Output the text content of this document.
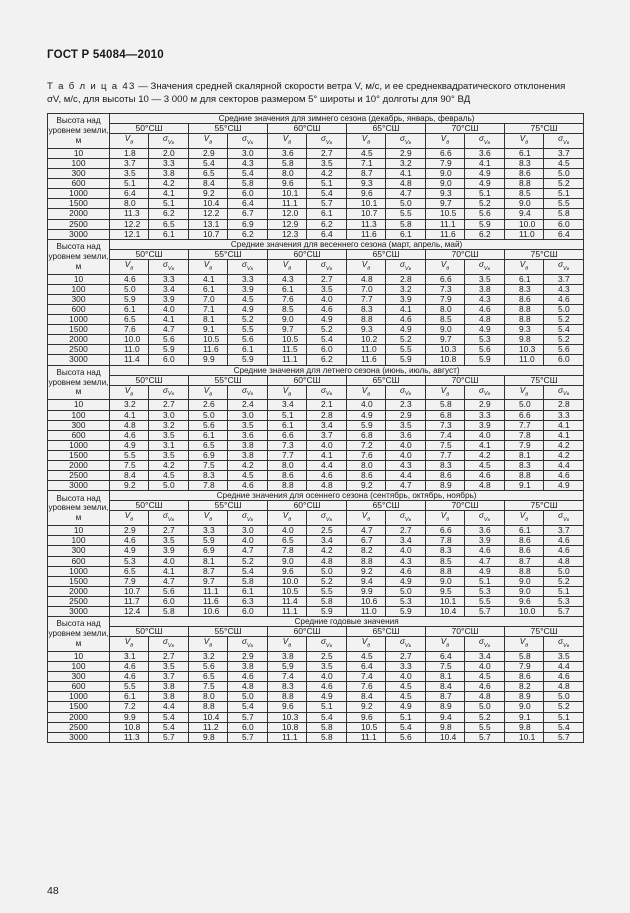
ГОСТ Р 54084—2010
Т а б л и ц а 43 — Значения средней скалярной скорости ветра V, м/с, и ее среднеквадратического отклонения σV, м/с, для высоты 10 — 3 000 м для секторов размером 5° широты и 10° долготы для 90° ВД
Высота над уровнем земли, м	Средние значения для зимнего сезона (декабрь, январь, февраль)											
	50°СШ		55°СШ		60°СШ		65°СШ		70°СШ		75°СШ	
	$V_в$	$\sigma_{Vв}$	$V_в$	$\sigma_{Vв}$	$V_в$	$\sigma_{Vв}$	$V_в$	$\sigma_{Vв}$	$V_в$	$\sigma_{Vв}$	$V_в$	$\sigma_{Vв}$
10	1.8	2.0	2.9	3.0	3.6	2.7	4.5	2.9	6.6	3.6	6.1	3.7
100	3.7	3.3	5.4	4.3	5.8	3.5	7.1	3.2	7.9	4.1	8.3	4.5
300	3.5	3.8	6.5	5.4	8.0	4.2	8.7	4.1	9.0	4.9	8.6	5.0
600	5.1	4.2	8.4	5.8	9.6	5.1	9.3	4.8	9.0	4.9	8.8	5.2
1000	6.4	4.1	9.2	6.0	10.1	5.4	9.6	4.7	9.3	5.1	8.5	5.1
1500	8.0	5.1	10.4	6.4	11.1	5.7	10.1	5.0	9.7	5.2	9.0	5.5
2000	11.3	6.2	12.2	6.7	12.0	6.1	10.7	5.5	10.5	5.6	9.4	5.8
2500	12.2	6.5	13.1	6.9	12.9	6.2	11.3	5.8	11.1	5.9	10.0	6.0
3000	12.1	6.1	10.7	6.2	12.3	6.4	11.6	6.1	11.6	6.2	11.0	6.4
Высота над уровнем земли, м	Средние значения для весеннего сезона (март, апрель, май)											
	50°СШ		55°СШ		60°СШ		65°СШ		70°СШ		75°СШ	
	$V_в$	$\sigma_{Vв}$	$V_в$	$\sigma_{Vв}$	$V_в$	$\sigma_{Vв}$	$V_в$	$\sigma_{Vв}$	$V_в$	$\sigma_{Vв}$	$V_в$	$\sigma_{Vв}$
10	4.6	3.3	4.1	3.3	4.3	2.7	4.8	2.8	6.6	3.5	6.1	3.7
100	5.0	3.4	6.1	3.9	6.1	3.5	7.0	3.2	7.3	3.8	8.3	4.3
300	5.9	3.9	7.0	4.5	7.6	4.0	7.7	3.9	7.9	4.3	8.6	4.6
600	6.1	4.0	7.1	4.9	8.5	4.6	8.3	4.1	8.0	4.6	8.8	5.0
1000	6.5	4.1	8.1	5.2	9.0	4.9	8.8	4.6	8.5	4.8	8.8	5.2
1500	7.6	4.7	9.1	5.5	9.7	5.2	9.3	4.9	9.0	4.9	9.3	5.4
2000	10.0	5.6	10.5	5.6	10.5	5.4	10.2	5.2	9.7	5.3	9.8	5.2
2500	11.0	5.9	11.6	6.1	11.5	6.0	11.0	5.5	10.3	5.6	10.3	5.6
3000	11.4	6.0	9.9	5.9	11.1	6.2	11.6	5.9	10.8	5.9	11.0	6.0
Высота над уровнем земли, м	Средние значения для летнего сезона (июнь, июль, август)											
	50°СШ		55°СШ		60°СШ		65°СШ		70°СШ		75°СШ	
	$V_в$	$\sigma_{Vв}$	$V_в$	$\sigma_{Vв}$	$V_в$	$\sigma_{Vв}$	$V_в$	$\sigma_{Vв}$	$V_в$	$\sigma_{Vв}$	$V_в$	$\sigma_{Vв}$
10	3.2	2.7	2.6	2.4	3.4	2.1	4.0	2.3	5.8	2.9	5.0	2.8
100	4.1	3.0	5.0	3.0	5.1	2.8	4.9	2.9	6.8	3.3	6.6	3.3
300	4.8	3.2	5.6	3.5	6.1	3.4	5.9	3.5	7.3	3.9	7.7	4.1
600	4.6	3.5	6.1	3.6	6.6	3.7	6.8	3.6	7.4	4.0	7.8	4.1
1000	4.9	3.1	6.5	3.8	7.3	4.0	7.2	4.0	7.5	4.1	7.9	4.2
1500	5.5	3.5	6.9	3.8	7.7	4.1	7.6	4.0	7.7	4.2	8.1	4.2
2000	7.5	4.2	7.5	4.2	8.0	4.4	8.0	4.3	8.3	4.5	8.3	4.4
2500	8.4	4.5	8.3	4.5	8.6	4.6	8.6	4.4	8.6	4.6	8.8	4.6
3000	9.2	5.0	7.8	4.6	8.8	4.8	9.2	4.7	8.9	4.8	9.1	4.9
Высота над уровнем земли, м	Средние значения для осеннего сезона (сентябрь, октябрь, ноябрь)											
	50°СШ		55°СШ		60°СШ		65°СШ		70°СШ		75°СШ	
	$V_в$	$\sigma_{Vв}$	$V_в$	$\sigma_{Vв}$	$V_в$	$\sigma_{Vв}$	$V_в$	$\sigma_{Vв}$	$V_в$	$\sigma_{Vв}$	$V_в$	$\sigma_{Vв}$
10	2.9	2.7	3.3	3.0	4.0	2.5	4.7	2.7	6.6	3.6	6.1	3.7
100	4.6	3.5	5.9	4.0	6.5	3.4	6.7	3.4	7.8	3.9	8.6	4.6
300	4.9	3.9	6.9	4.7	7.8	4.2	8.2	4.0	8.3	4.6	8.6	4.6
600	5.3	4.0	8.1	5.2	9.0	4.8	8.8	4.3	8.5	4.7	8.7	4.8
1000	6.5	4.1	8.7	5.4	9.6	5.0	9.2	4.6	8.8	4.9	8.8	5.0
1500	7.9	4.7	9.7	5.8	10.0	5.2	9.4	4.9	9.0	5.1	9.0	5.2
2000	10.7	5.6	11.1	6.1	10.5	5.5	9.9	5.0	9.5	5.3	9.0	5.1
2500	11.7	6.0	11.6	6.3	11.4	5.8	10.6	5.3	10.1	5.5	9.6	5.3
3000	12.4	5.8	10.6	6.0	11.1	5.9	11.0	5.9	10.4	5.7	10.0	5.7
Высота над уровнем земли, м	Средние годовые значения											
	50°СШ		55°СШ		60°СШ		65°СШ		70°СШ		75°СШ	
	$V_в$	$\sigma_{Vв}$	$V_в$	$\sigma_{Vв}$	$V_в$	$\sigma_{Vв}$	$V_в$	$\sigma_{Vв}$	$V_в$	$\sigma_{Vв}$	$V_в$	$\sigma_{Vв}$
10	3.1	2.7	3.2	2.9	3.8	2.5	4.5	2.7	6.4	3.4	5.8	3.5
100	4.6	3.5	5.6	3.8	5.9	3.5	6.4	3.3	7.5	4.0	7.9	4.4
300	4.6	3.7	6.5	4.6	7.4	4.0	7.4	4.0	8.1	4.5	8.6	4.6
600	5.5	3.8	7.5	4.8	8.3	4.6	7.6	4.5	8.4	4.6	8.2	4.8
1000	6.1	3.8	8.0	5.0	8.8	4.9	8.4	4.5	8.7	4.8	8.9	5.0
1500	7.2	4.4	8.8	5.4	9.6	5.1	9.2	4.9	8.9	5.0	9.0	5.2
2000	9.9	5.4	10.4	5.7	10.3	5.4	9.6	5.1	9.4	5.2	9.1	5.1
2500	10.8	5.4	11.2	6.0	10.8	5.8	10.5	5.4	9.8	5.5	9.8	5.4
3000	11.3	5.7	9.8	5.7	11.1	5.8	11.1	5.6	10.4	5.7	10.1	5.7
48
